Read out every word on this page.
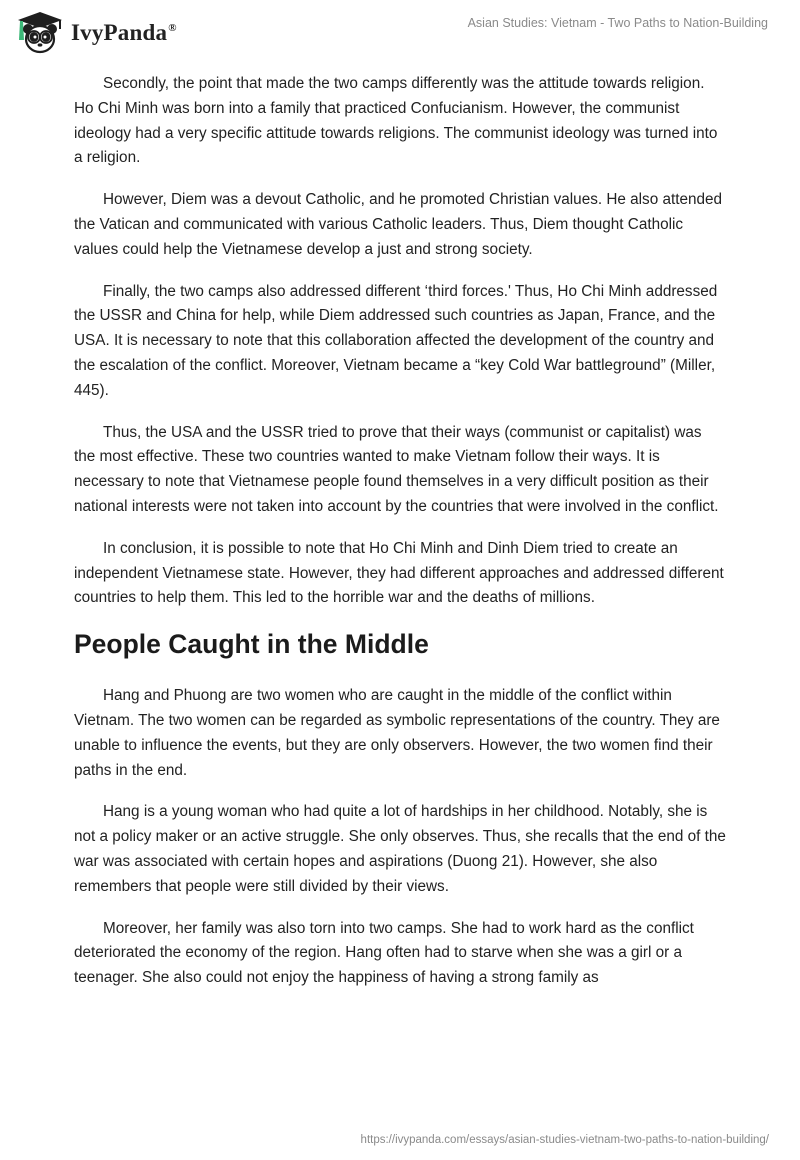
IvyPanda®	Asian Studies: Vietnam - Two Paths to Nation-Building

Secondly, the point that made the two camps differently was the attitude towards religion. Ho Chi Minh was born into a family that practiced Confucianism. However, the communist ideology had a very specific attitude towards religions. The communist ideology was turned into a religion.

However, Diem was a devout Catholic, and he promoted Christian values. He also attended the Vatican and communicated with various Catholic leaders. Thus, Diem thought Catholic values could help the Vietnamese develop a just and strong society.

Finally, the two camps also addressed different ‘third forces.' Thus, Ho Chi Minh addressed the USSR and China for help, while Diem addressed such countries as Japan, France, and the USA. It is necessary to note that this collaboration affected the development of the country and the escalation of the conflict. Moreover, Vietnam became a “key Cold War battleground” (Miller, 445).

Thus, the USA and the USSR tried to prove that their ways (communist or capitalist) was the most effective. These two countries wanted to make Vietnam follow their ways. It is necessary to note that Vietnamese people found themselves in a very difficult position as their national interests were not taken into account by the countries that were involved in the conflict.

In conclusion, it is possible to note that Ho Chi Minh and Dinh Diem tried to create an independent Vietnamese state. However, they had different approaches and addressed different countries to help them. This led to the horrible war and the deaths of millions.

People Caught in the Middle

Hang and Phuong are two women who are caught in the middle of the conflict within Vietnam. The two women can be regarded as symbolic representations of the country. They are unable to influence the events, but they are only observers. However, the two women find their paths in the end.

Hang is a young woman who had quite a lot of hardships in her childhood. Notably, she is not a policy maker or an active struggle. She only observes. Thus, she recalls that the end of the war was associated with certain hopes and aspirations (Duong 21). However, she also remembers that people were still divided by their views.

Moreover, her family was also torn into two camps. She had to work hard as the conflict deteriorated the economy of the region. Hang often had to starve when she was a girl or a teenager. She also could not enjoy the happiness of having a strong family as

https://ivypanda.com/essays/asian-studies-vietnam-two-paths-to-nation-building/
